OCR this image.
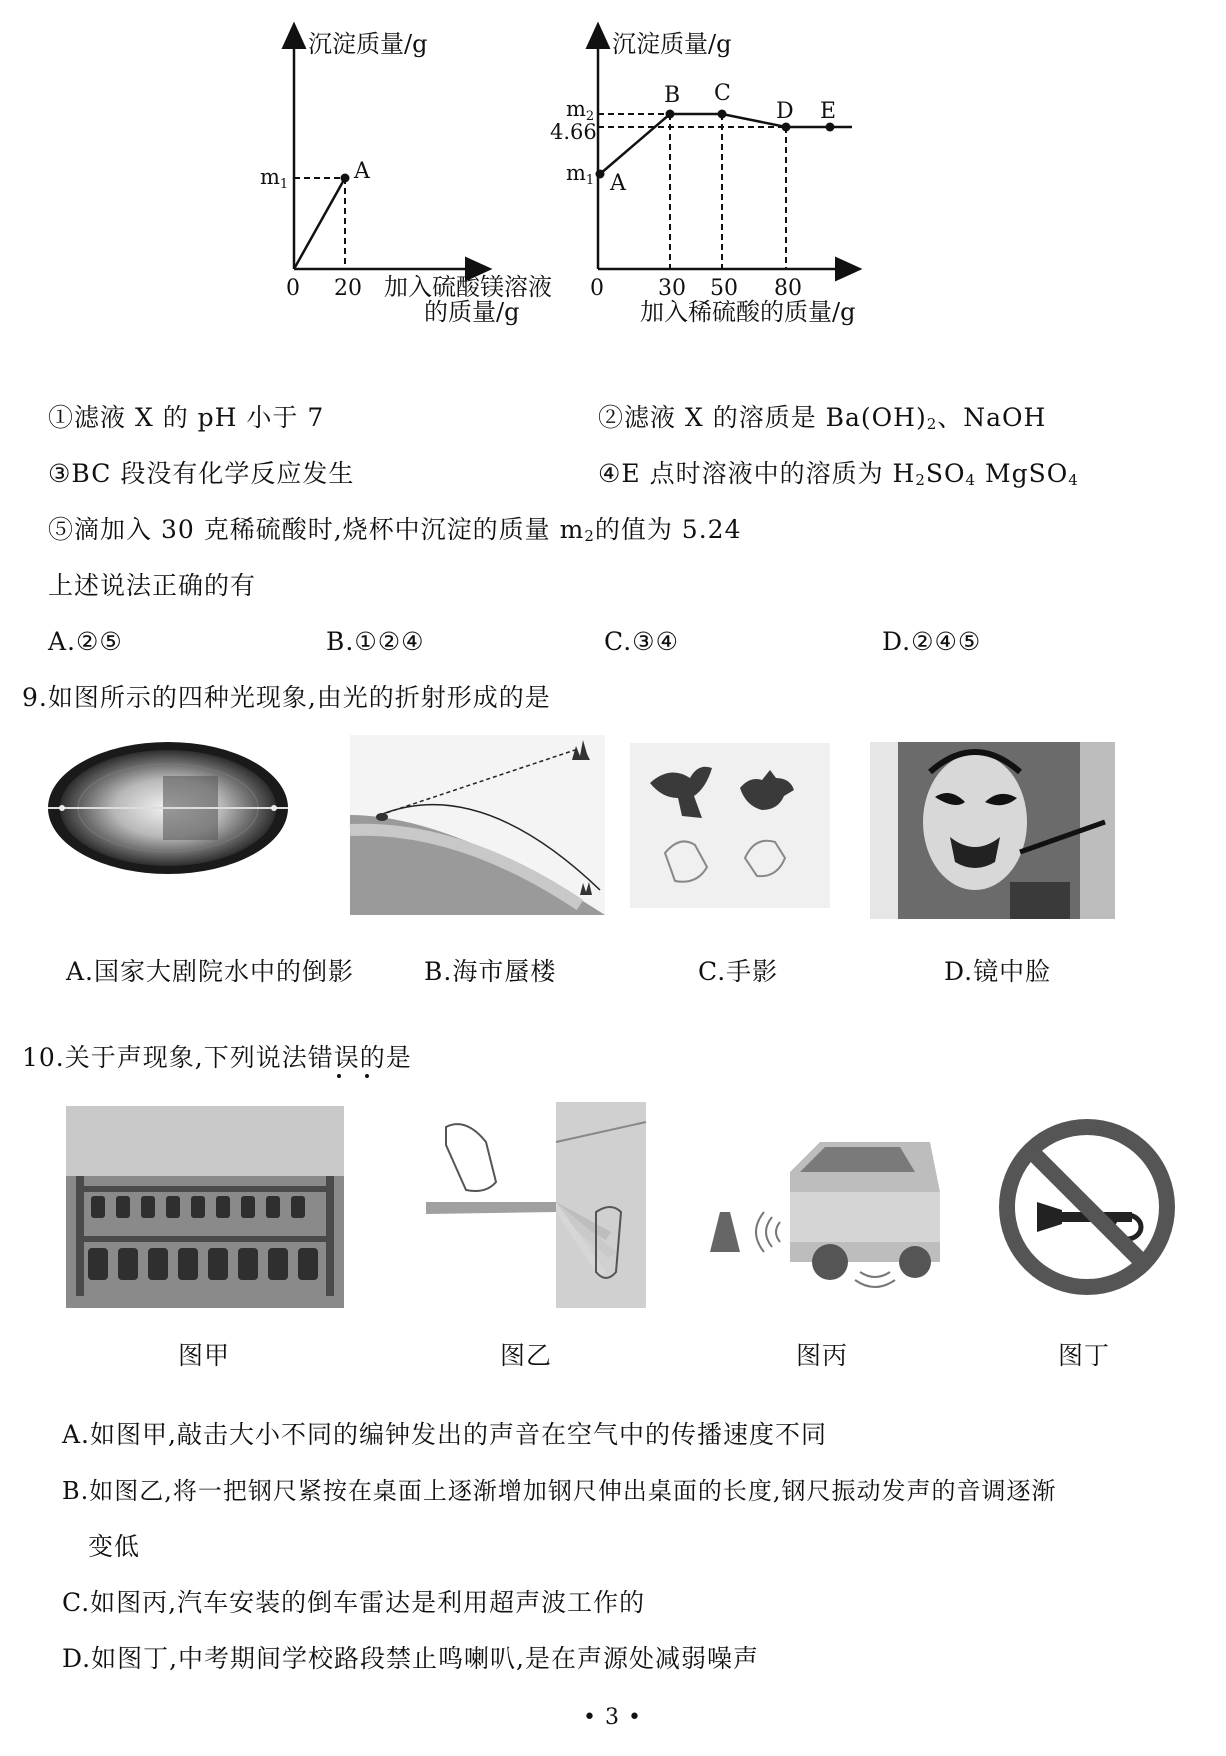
沉淀质量/g
A
m1
0 20 加入硫酸镁溶液
的质量/g
沉淀质量/g
A
B C
D E
m2
4.66
m1
0 30 50 80
加入稀硫酸的质量/g
①滤液 X 的 pH 小于 7	②滤液 X 的溶质是 $Ba(OH)_2$、NaOH
③BC 段没有化学反应发生	④E 点时溶液中的溶质为 $H_2SO_4$ MgSO$_4$
⑤滴加入 30 克稀硫酸时,烧杯中沉淀的质量 $m_2$的值为 5.24
上述说法正确的有
A.②⑤	B.①②④	C.③④	D.②④⑤
9.如图所示的四种光现象,由光的折射形成的是
A.国家大剧院水中的倒影	B.海市蜃楼	C.手影	D.镜中脸
10.关于声现象,下列说法错误的是
图甲	图乙	图丙	图丁
A.如图甲,敲击大小不同的编钟发出的声音在空气中的传播速度不同
B.如图乙,将一把钢尺紧按在桌面上逐渐增加钢尺伸出桌面的长度,钢尺振动发声的音调逐渐
变低
C.如图丙,汽车安装的倒车雷达是利用超声波工作的
D.如图丁,中考期间学校路段禁止鸣喇叭,是在声源处减弱噪声
• 3 •
